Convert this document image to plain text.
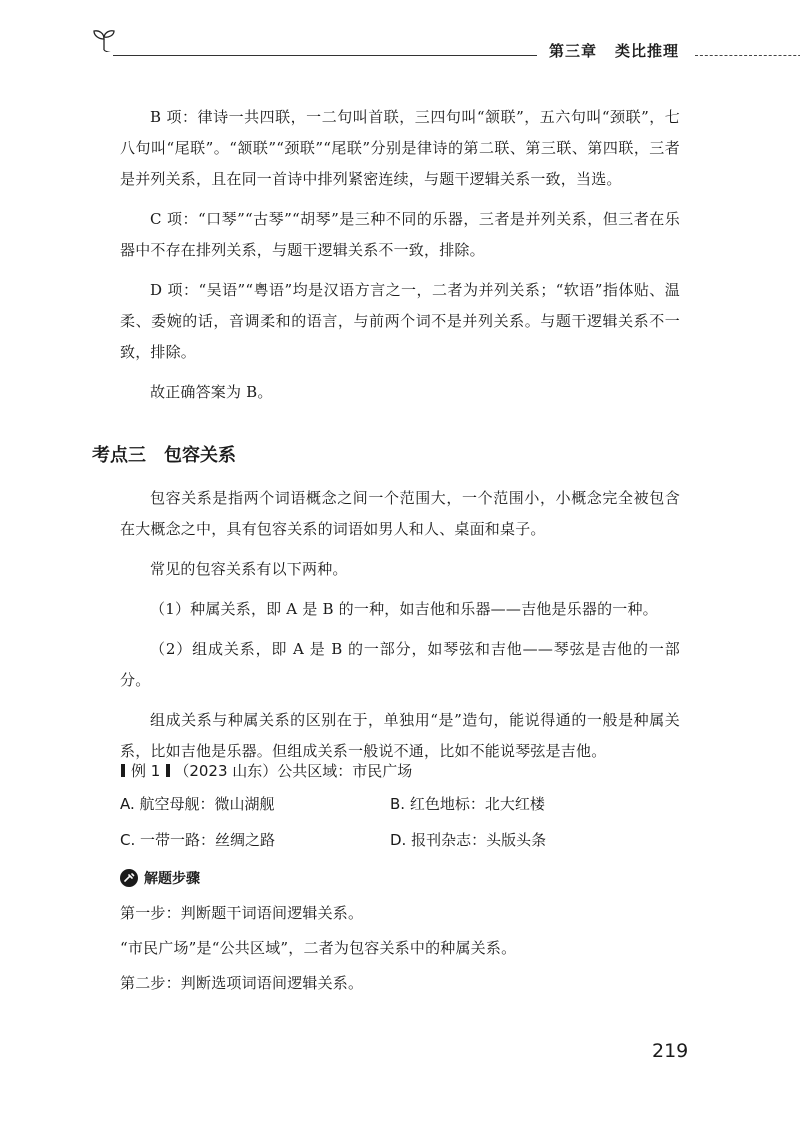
第三章 类比推理

B 项：律诗一共四联，一二句叫首联，三四句叫“颔联”，五六句叫“颈联”，七八句叫“尾联”。“颔联”“颈联”“尾联”分别是律诗的第二联、第三联、第四联，三者是并列关系，且在同一首诗中排列紧密连续，与题干逻辑关系一致，当选。

C 项：“口琴”“古琴”“胡琴”是三种不同的乐器，三者是并列关系，但三者在乐器中不存在排列关系，与题干逻辑关系不一致，排除。

D 项：“吴语”“粤语”均是汉语方言之一，二者为并列关系；“软语”指体贴、温柔、委婉的话，音调柔和的语言，与前两个词不是并列关系。与题干逻辑关系不一致，排除。

故正确答案为 B。

考点三 包容关系

包容关系是指两个词语概念之间一个范围大，一个范围小，小概念完全被包含在大概念之中，具有包容关系的词语如男人和人、桌面和桌子。

常见的包容关系有以下两种。

（1）种属关系，即 A 是 B 的一种，如吉他和乐器——吉他是乐器的一种。

（2）组成关系，即 A 是 B 的一部分，如琴弦和吉他——琴弦是吉他的一部分。

组成关系与种属关系的区别在于，单独用“是”造句，能说得通的一般是种属关系，比如吉他是乐器。但组成关系一般说不通，比如不能说琴弦是吉他。

例 1 （2023 山东）公共区域：市民广场
A. 航空母舰：微山湖舰	B. 红色地标：北大红楼
C. 一带一路：丝绸之路	D. 报刊杂志：头版头条
解题步骤

第一步：判断题干词语间逻辑关系。

“市民广场”是“公共区域”，二者为包容关系中的种属关系。

第二步：判断选项词语间逻辑关系。

219
